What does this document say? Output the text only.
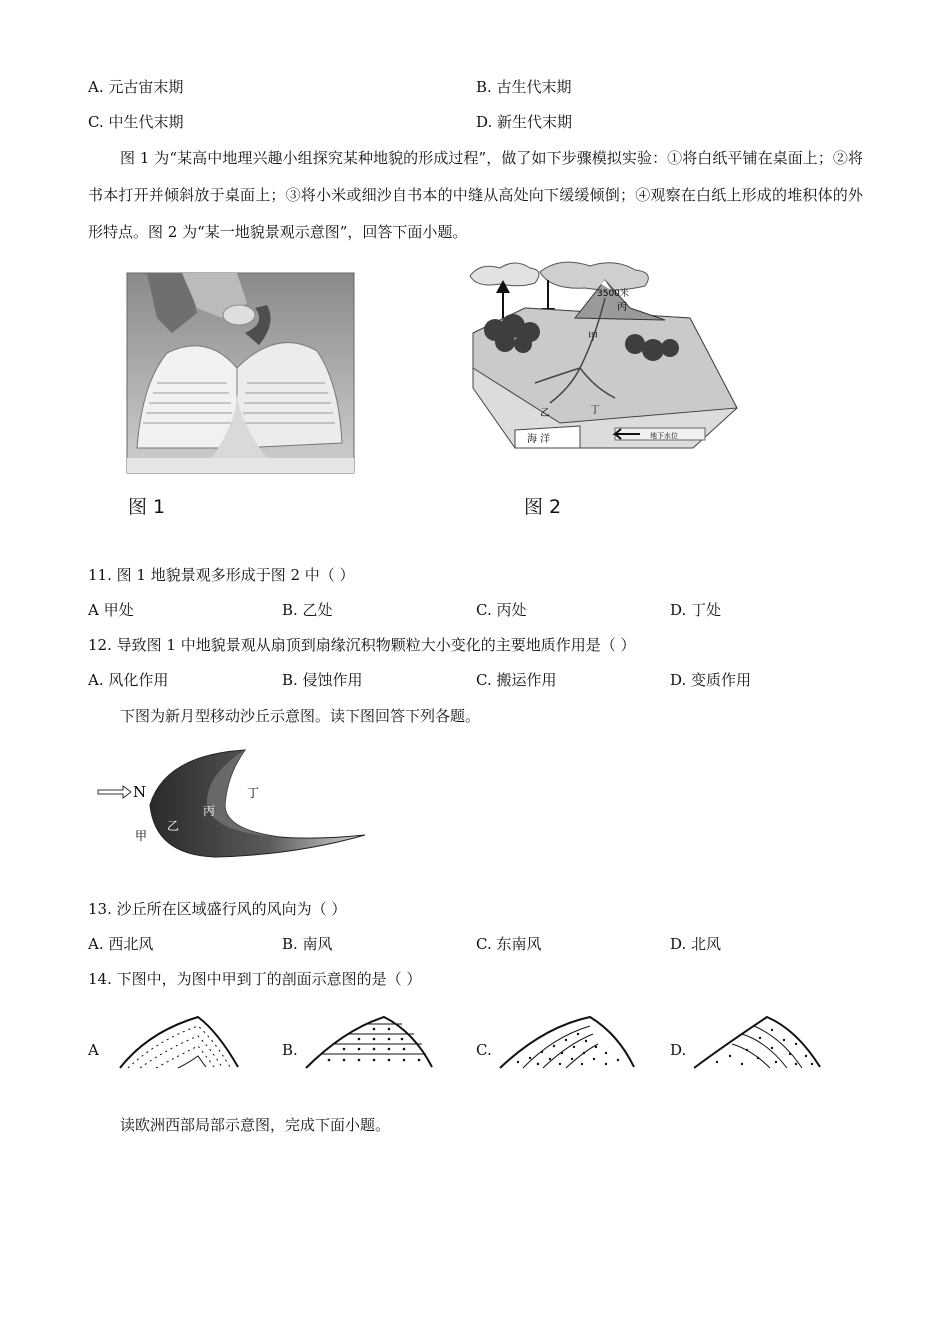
A. 元古宙末期	B. 古生代末期
C. 中生代末期	D. 新生代末期
图 1 为“某高中地理兴趣小组探究某种地貌的形成过程”，做了如下步骤模拟实验：①将白纸平铺在桌面上；②将书本打开并倾斜放于桌面上；③将小米或细沙自书本的中缝从高处向下缓缓倾倒；④观察在白纸上形成的堆积体的外形特点。图 2 为“某一地貌景观示意图”，回答下面小题。
图 1
3500米
丙
甲
乙	丁
海 洋	地下水位
图 2
11. 图 1 地貌景观多形成于图 2 中（ ）
A 甲处	B. 乙处	C. 丙处	D. 丁处
12. 导致图 1 中地貌景观从扇顶到扇缘沉积物颗粒大小变化的主要地质作用是（ ）
A. 风化作用	B. 侵蚀作用	C. 搬运作用	D. 变质作用
下图为新月型移动沙丘示意图。读下图回答下列各题。
N
甲
乙
丙
丁
13. 沙丘所在区域盛行风的风向为（ ）
A. 西北风	B. 南风	C. 东南风	D. 北风
14. 下图中，为图中甲到丁的剖面示意图的是（ ）
A	B.	C.	D.
读欧洲西部局部示意图，完成下面小题。
